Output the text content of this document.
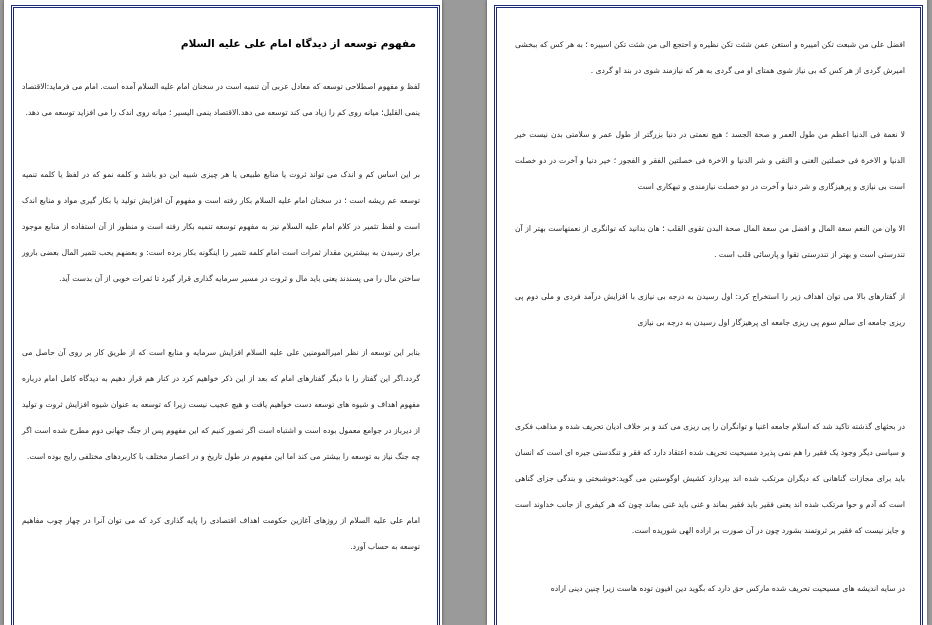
مفهوم توسعه از دیدگاه امام علی علیه السلام

لفظ و مفهوم اصطلاحی توسعه که معادل عربی آن تنمیه است در سخنان امام علیه السلام آمده است. امام می فرماید:الاقتصاد ینمی القلیل؛ میانه روی کم را زیاد می کند توسعه می دهد.الاقتصاد ینمی الیسیر ؛ میانه روی اندک را می افزاید توسعه می دهد.

بر این اساس کم و اندک می تواند ثروت یا منابع طبیعی یا هر چیزی شبیه این دو باشد و کلمه نمو که در لفظ یا کلمه تنمیه توسعه عم ریشه است ؛ در سخنان امام علیه السلام بکار رفته است و مفهوم آن افزایش تولید یا بکار گیری مواد و منابع اندک است و لفظ تثمیر در کلام امام علیه السلام نیز به مفهوم توسعه تنمیه بکار رفته است و منظور از آن استفاده از منابع موجود برای رسیدن به بیشترین مقدار ثمرات است امام کلمه تثمیر را اینگونه بکار برده است: و بعضهم یحب تثمیر المال بعضی بارور ساختن مال را می پسندند یعنی باید مال و ثروت در مسیر سرمایه گذاری قرار گیرد تا ثمرات خوبی از آن بدست آید.

بنابر این توسعه از نظر امیرالمومنین علی علیه السلام افزایش سرمایه و منابع است که از طریق کار بر روی آن حاصل می گردد.اگر این گفتار را با دیگر گفتارهای امام که بعد از این ذکر خواهیم کرد در کنار هم قرار دهیم به دیدگاه کامل امام درباره مفهوم اهداف و شیوه های توسعه دست خواهیم یافت و هیچ عجیب نیست زیرا که توسعه به عنوان شیوه افزایش ثروت و تولید از دیرباز در جوامع معمول بوده است و اشتباه است اگر تصور کنیم که این مفهوم پس از جنگ جهانی دوم مطرح شده است اگر چه جنگ نیاز به توسعه را بیشتر می کند اما این مفهوم در طول تاریخ و در اعصار مختلف با کاربردهای مختلفی رایج بوده است.

امام علی علیه السلام از روزهای آغازین حکومت اهداف اقتصادی را پایه گذاری کرد که می توان آنرا در چهار چوب مفاهیم توسعه به حساب آورد.

افضل علی من شبعت تکن امییره و استغن عمن شئت تکن نظیره و احتجع الی من شئت تکن اسییره ؛ به هر کس که ببخشی امیرش گردی از هر کس که بی نیاز شوی همتای او می گردی به هر که نیازمند شوی در بند او گردی .

لا نعمة فی الدنیا اعظم من طول العمر و صحة الجسد ؛ هیچ نعمتی در دنیا بزرگتر از طول عمر و سلامتی بدن نیست خیر الدنیا و الاخرة فی خصلتین الغنی و التقی و شر الدنیا و الاخرة فی خصلتین الفقر و الفجور ؛ خیر دنیا و آخرت در دو خصلت است بی نیازی و پرهیزگاری و شر دنیا و آخرت در دو خصلت نیازمندی و تبهکاری است

الا وان من النعم سعة المال و افضل من سعة المال صحة البدن تقوی القلب ؛ هان بدانید که توانگری از نعمتهاست بهتر از آن تندرستی است و بهتر از تندرستی تقوا و پارسائی قلب است .

از گفتارهای بالا می توان اهداف زیر را استخراج کرد: اول رسیدن به درجه بی نیازی با افزایش درآمد فردی و ملی دوم پی ریزی جامعه ای سالم سوم پی ریزی جامعه ای پرهیزگار اول رسیدن به درجه بی نیازی

در بحثهای گذشته تاکید شد که اسلام جامعه اغنیا و توانگران را پی ریزی می کند و بر خلاف ادیان تحریف شده و مذاهب فکری و سیاسی دیگر وجود یک فقیر را هم نمی پذیرد مسیحیت تحریف شده اعتقاد دارد که فقر و تنگدستی جیره ای است که انسان باید برای مجازات گناهانی که دیگران مرتکب شده اند بپردازد کشیش اوگوستین می گوید:خوشبختی و بندگی جزای گناهی است که آدم و حوا مرتکب شده اند یعنی فقیر باید فقیر بماند و غنی باید غنی بماند چون که هر کیفری از جانب خداوند است و جایز نیست که فقیر بر ثروتمند بشورد چون در آن صورت بر اراده الهی شوریده است.

در سایه اندیشه های مسیحیت تحریف شده مارکس حق دارد که بگوید دین افیون توده هاست زیرا چنین دینی اراده
